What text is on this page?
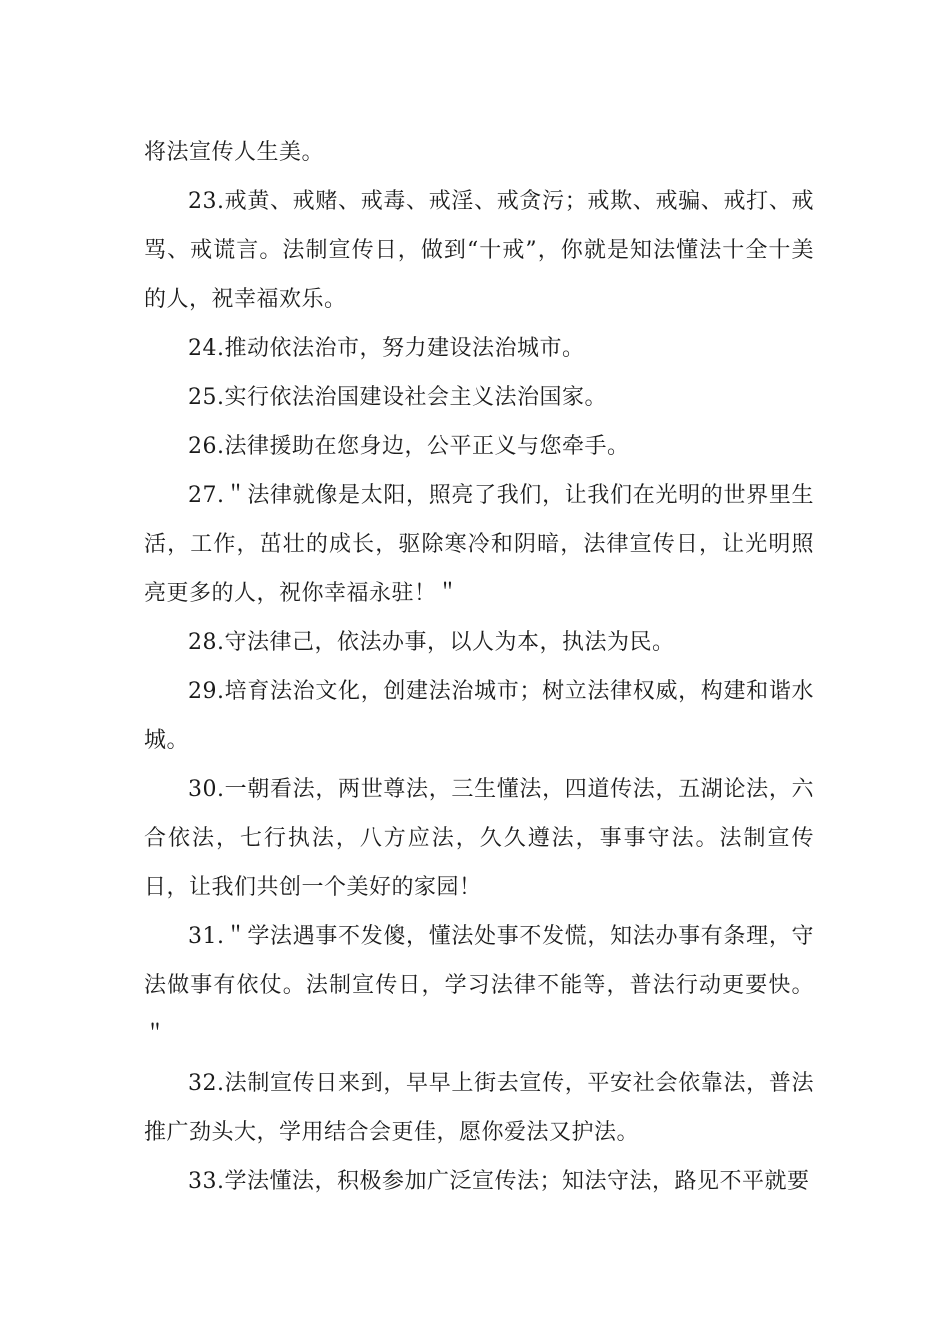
将法宣传人生美。

23.戒黄、戒赌、戒毒、戒淫、戒贪污；戒欺、戒骗、戒打、戒骂、戒谎言。法制宣传日，做到“十戒”，你就是知法懂法十全十美的人，祝幸福欢乐。

24.推动依法治市，努力建设法治城市。

25.实行依法治国建设社会主义法治国家。

26.法律援助在您身边，公平正义与您牵手。

27.＂法律就像是太阳，照亮了我们，让我们在光明的世界里生活，工作，茁壮的成长，驱除寒冷和阴暗，法律宣传日，让光明照亮更多的人，祝你幸福永驻！＂

28.守法律己，依法办事，以人为本，执法为民。

29.培育法治文化，创建法治城市；树立法律权威，构建和谐水城。

30.一朝看法，两世尊法，三生懂法，四道传法，五湖论法，六合依法，七行执法，八方应法，久久遵法，事事守法。法制宣传日，让我们共创一个美好的家园！

31.＂学法遇事不发傻，懂法处事不发慌，知法办事有条理，守法做事有依仗。法制宣传日，学习法律不能等，普法行动更要快。＂

32.法制宣传日来到，早早上街去宣传，平安社会依靠法，普法推广劲头大，学用结合会更佳，愿你爱法又护法。

33.学法懂法，积极参加广泛宣传法；知法守法，路见不平就要
